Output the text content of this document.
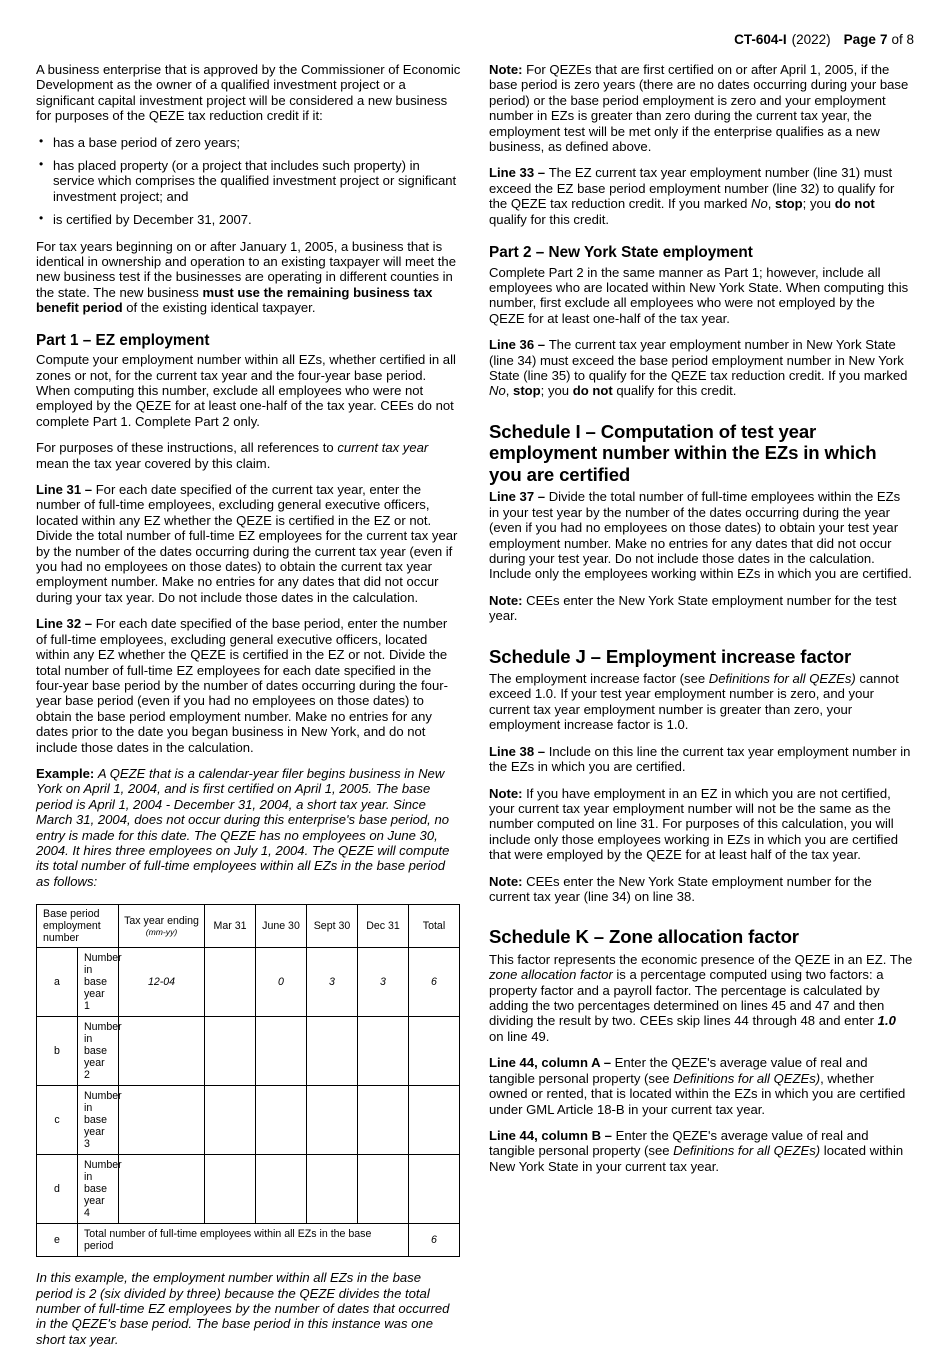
CT-604-I (2022) Page 7 of 8

A business enterprise that is approved by the Commissioner of Economic Development as the owner of a qualified investment project or a significant capital investment project will be considered a new business for purposes of the QEZE tax reduction credit if it:

• has a base period of zero years;
• has placed property (or a project that includes such property) in service which comprises the qualified investment project or significant investment project; and
• is certified by December 31, 2007.

For tax years beginning on or after January 1, 2005, a business that is identical in ownership and operation to an existing taxpayer will meet the new business test if the businesses are operating in different counties in the state. The new business must use the remaining business tax benefit period of the existing identical taxpayer.

Part 1 – EZ employment

Compute your employment number within all EZs, whether certified in all zones or not, for the current tax year and the four-year base period. When computing this number, exclude all employees who were not employed by the QEZE for at least one-half of the tax year. CEEs do not complete Part 1. Complete Part 2 only.

For purposes of these instructions, all references to current tax year mean the tax year covered by this claim.

Line 31 – For each date specified of the current tax year, enter the number of full-time employees, excluding general executive officers, located within any EZ whether the QEZE is certified in the EZ or not. Divide the total number of full-time EZ employees for the current tax year by the number of the dates occurring during the current tax year (even if you had no employees on those dates) to obtain the current tax year employment number. Make no entries for any dates that did not occur during your tax year. Do not include those dates in the calculation.

Line 32 – For each date specified of the base period, enter the number of full-time employees, excluding general executive officers, located within any EZ whether the QEZE is certified in the EZ or not. Divide the total number of full-time EZ employees for each date specified in the four-year base period by the number of dates occurring during the four-year base period (even if you had no employees on those dates) to obtain the base period employment number. Make no entries for any dates prior to the date you began business in New York, and do not include those dates in the calculation.

Example: A QEZE that is a calendar-year filer begins business in New York on April 1, 2004, and is first certified on April 1, 2005. The base period is April 1, 2004 - December 31, 2004, a short tax year. Since March 31, 2004, does not occur during this enterprise's base period, no entry is made for this date. The QEZE has no employees on June 30, 2004. It hires three employees on July 1, 2004. The QEZE will compute its total number of full-time employees within all EZs in the base period as follows:

Base period employment number		Tax year ending
(mm-yy)	Mar 31	June 30	Sept 30	Dec 31	Total
a	Number in base year 1	12-04		0	3	3	6
b	Number in base year 2						
c	Number in base year 3						
d	Number in base year 4						
e	Total number of full-time employees within all EZs in the base period						6

In this example, the employment number within all EZs in the base period is 2 (six divided by three) because the QEZE divides the total number of full-time EZ employees by the number of dates that occurred in the QEZE's base period. The base period in this instance was one short tax year.

Note: For QEZEs that are first certified on or after April 1, 2005, if the base period is zero years (there are no dates occurring during your base period) or the base period employment is zero and your employment number in EZs is greater than zero during the current tax year, the employment test will be met only if the enterprise qualifies as a new business, as defined above.

Line 33 – The EZ current tax year employment number (line 31) must exceed the EZ base period employment number (line 32) to qualify for the QEZE tax reduction credit. If you marked No, stop; you do not qualify for this credit.

Part 2 – New York State employment

Complete Part 2 in the same manner as Part 1; however, include all employees who are located within New York State. When computing this number, first exclude all employees who were not employed by the QEZE for at least one-half of the tax year.

Line 36 – The current tax year employment number in New York State (line 34) must exceed the base period employment number in New York State (line 35) to qualify for the QEZE tax reduction credit. If you marked No, stop; you do not qualify for this credit.

Schedule I – Computation of test year employment number within the EZs in which you are certified

Line 37 – Divide the total number of full-time employees within the EZs in your test year by the number of the dates occurring during the year (even if you had no employees on those dates) to obtain your test year employment number. Make no entries for any dates that did not occur during your test year. Do not include those dates in the calculation. Include only the employees working within EZs in which you are certified.

Note: CEEs enter the New York State employment number for the test year.

Schedule J – Employment increase factor

The employment increase factor (see Definitions for all QEZEs) cannot exceed 1.0. If your test year employment number is zero, and your current tax year employment number is greater than zero, your employment increase factor is 1.0.

Line 38 – Include on this line the current tax year employment number in the EZs in which you are certified.

Note: If you have employment in an EZ in which you are not certified, your current tax year employment number will not be the same as the number computed on line 31. For purposes of this calculation, you will include only those employees working in EZs in which you are certified that were employed by the QEZE for at least half of the tax year.

Note: CEEs enter the New York State employment number for the current tax year (line 34) on line 38.

Schedule K – Zone allocation factor

This factor represents the economic presence of the QEZE in an EZ. The zone allocation factor is a percentage computed using two factors: a property factor and a payroll factor. The percentage is calculated by adding the two percentages determined on lines 45 and 47 and then dividing the result by two. CEEs skip lines 44 through 48 and enter 1.0 on line 49.

Line 44, column A – Enter the QEZE's average value of real and tangible personal property (see Definitions for all QEZEs), whether owned or rented, that is located within the EZs in which you are certified under GML Article 18-B in your current tax year.

Line 44, column B – Enter the QEZE's average value of real and tangible personal property (see Definitions for all QEZEs) located within New York State in your current tax year.
